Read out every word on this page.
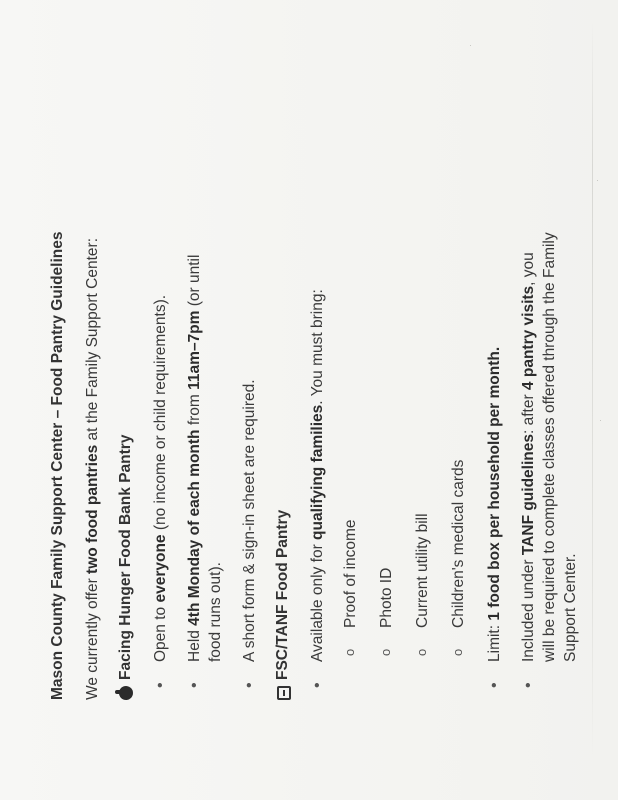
Mason County Family Support Center – Food Pantry Guidelines We currently offer two food pantries at the Family Support Center:
Facing Hunger Food Bank Pantry • Open to everyone (no income or child requirements).
• Held 4th Monday of each month from 11am–7pm (or until food runs out). • A short form & sign-in sheet are required. FSC/TANF Food Pantry • Available only for qualifying families. You must bring:
o Proof of income o Photo ID o Current utility bill o Children's medical cards
• Limit: 1 food box per household per month. • Included under TANF guidelines: after 4 pantry visits, you will be required to complete classes offered through the Family Support Center.
